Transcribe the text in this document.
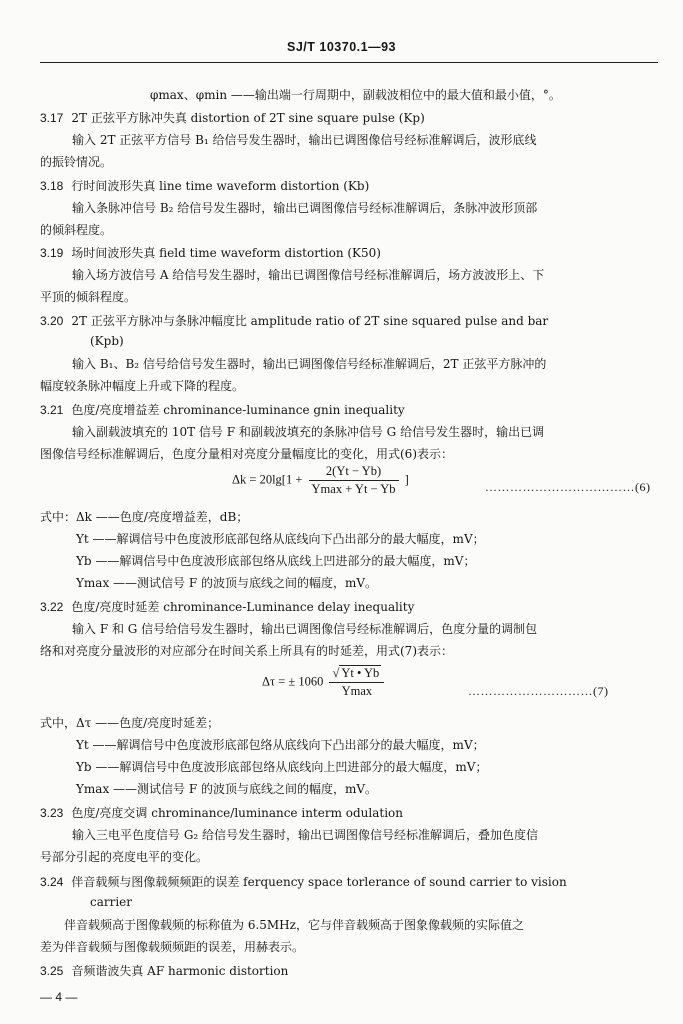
SJ/T 10370.1—93
φmax、φmin ——输出端一行周期中，副载波相位中的最大值和最小值，°。
3.17 2T 正弦平方脉冲失真 distortion of 2T sine square pulse (Kp)
输入 2T 正弦平方信号 B₁ 给信号发生器时，输出已调图像信号经标准解调后，波形底线
的振铃情况。
3.18 行时间波形失真 line time waveform distortion (Kb)
输入条脉冲信号 B₂ 给信号发生器时，输出已调图像信号经标准解调后，条脉冲波形顶部
的倾斜程度。
3.19 场时间波形失真 field time waveform distortion (K50)
输入场方波信号 A 给信号发生器时，输出已调图像信号经标准解调后，场方波波形上、下
平顶的倾斜程度。
3.20 2T 正弦平方脉冲与条脉冲幅度比 amplitude ratio of 2T sine squared pulse and bar
(Kpb)
输入 B₁、B₂ 信号给信号发生器时，输出已调图像信号经标准解调后，2T 正弦平方脉冲的
幅度较条脉冲幅度上升或下降的程度。
3.21 色度/亮度增益差 chrominance-luminance gnin inequality
输入副载波填充的 10T 信号 F 和副载波填充的条脉冲信号 G 给信号发生器时，输出已调
图像信号经标准解调后，色度分量相对亮度分量幅度比的变化，用式(6)表示：
$\Delta k = 20\lg[1 + \frac{2(Yt - Yb)}{Ymax + Yt - Yb}$ ]
………………………………(6)
式中：Δk ——色度/亮度增益差，dB；
Yt ——解调信号中色度波形底部包络从底线向下凸出部分的最大幅度，mV；
Yb ——解调信号中色度波形底部包络从底线上凹进部分的最大幅度，mV；
Ymax ——测试信号 F 的波顶与底线之间的幅度，mV。
3.22 色度/亮度时延差 chrominance-Luminance delay inequality
输入 F 和 G 信号给信号发生器时，输出已调图像信号经标准解调后，色度分量的调制包
络和对亮度分量波形的对应部分在时间关系上所具有的时延差，用式(7)表示：
Δτ = ± $1060 \frac{√ Yt • Yb}{Ymax}$	…………………………(7)
式中，Δτ ——色度/亮度时延差；
Yt ——解调信号中色度波形底部包络从底线向下凸出部分的最大幅度，mV；
Yb ——解调信号中色度波形底部包络从底线向上凹进部分的最大幅度，mV；
Ymax ——测试信号 F 的波顶与底线之间的幅度，mV。
3.23 色度/亮度交调 chrominance/luminance interm odulation
输入三电平色度信号 G₂ 给信号发生器时，输出已调图像信号经标准解调后，叠加色度信
号部分引起的亮度电平的变化。
3.24 伴音载频与图像载频频距的误差 ferquency space torlerance of sound carrier to vision
carrier
伴音载频高于图像载频的标称值为 6.5MHz，它与伴音载频高于图象像载频的实际值之
差为伴音载频与图像载频频距的误差，用赫表示。
3.25 音频谐波失真 AF harmonic distortion
— 4 —
